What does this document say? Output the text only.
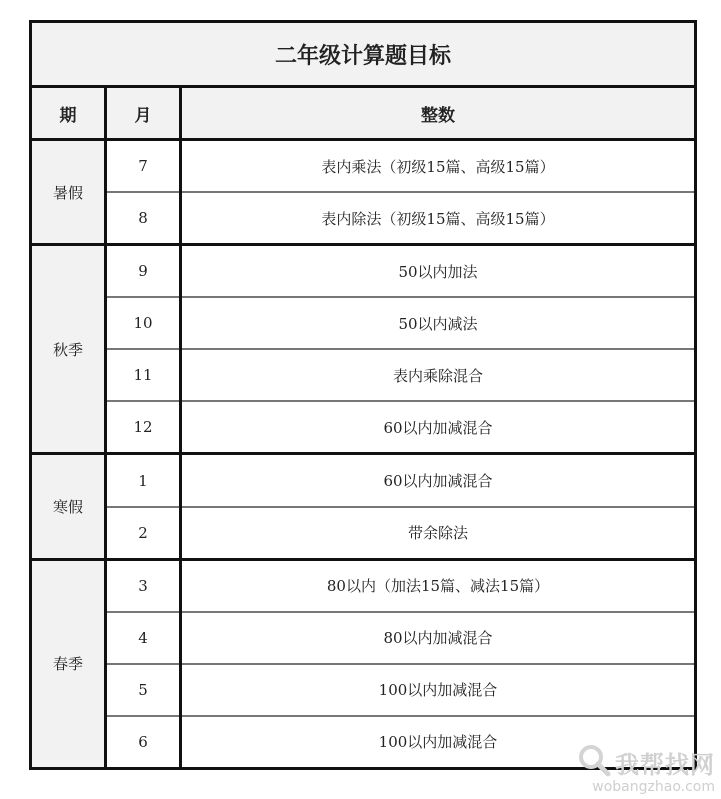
二年级计算题目标		
期	月	整数
暑假	7	表内乘法（初级15篇、高级15篇）
	8	表内除法（初级15篇、高级15篇）
秋季	9	50以内加法
	10	50以内减法
	11	表内乘除混合
	12	60以内加减混合
寒假	1	60以内加减混合
	2	带余除法
春季	3	80以内（加法15篇、减法15篇）
	4	80以内加减混合
	5	100以内加减混合
	6	100以内加减混合
我帮找网
wobangzhao.com
